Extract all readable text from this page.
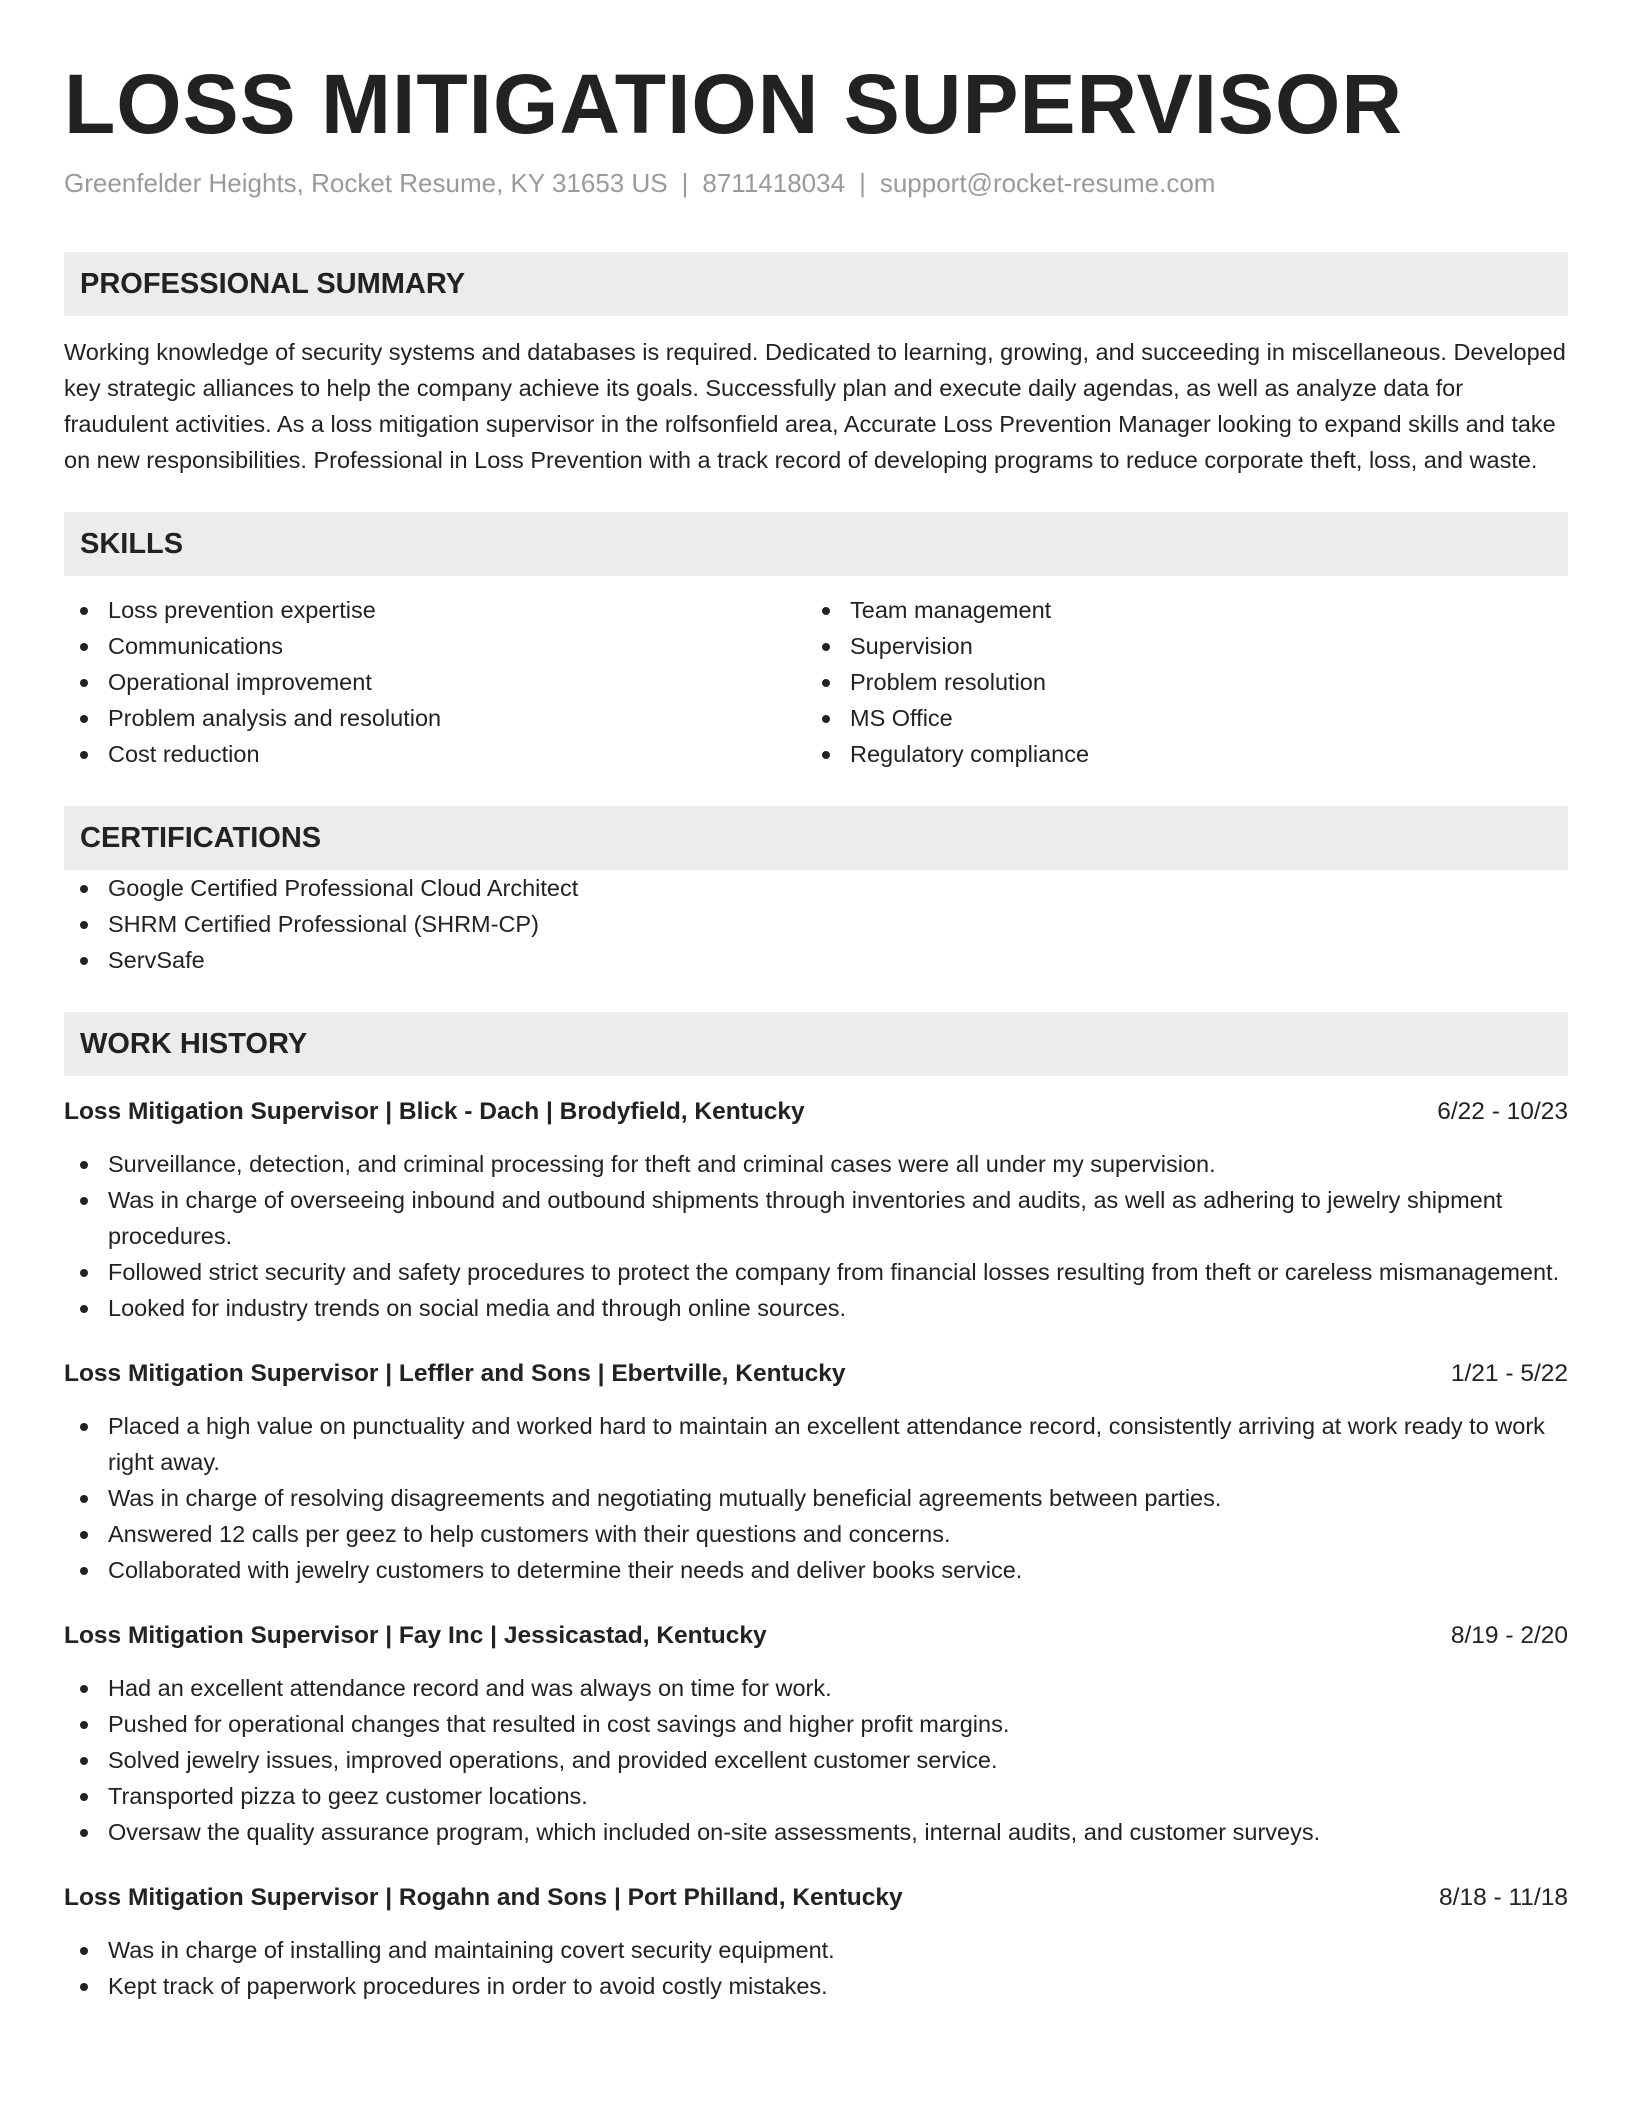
LOSS MITIGATION SUPERVISOR
Greenfelder Heights, Rocket Resume, KY 31653 US | 8711418034 | support@rocket-resume.com
PROFESSIONAL SUMMARY
Working knowledge of security systems and databases is required. Dedicated to learning, growing, and succeeding in miscellaneous. Developed key strategic alliances to help the company achieve its goals. Successfully plan and execute daily agendas, as well as analyze data for fraudulent activities. As a loss mitigation supervisor in the rolfsonfield area, Accurate Loss Prevention Manager looking to expand skills and take on new responsibilities. Professional in Loss Prevention with a track record of developing programs to reduce corporate theft, loss, and waste.
SKILLS
Loss prevention expertise
Communications
Operational improvement
Problem analysis and resolution
Cost reduction
Team management
Supervision
Problem resolution
MS Office
Regulatory compliance
CERTIFICATIONS
Google Certified Professional Cloud Architect
SHRM Certified Professional (SHRM-CP)
ServSafe
WORK HISTORY
Loss Mitigation Supervisor | Blick - Dach | Brodyfield, Kentucky	6/22 - 10/23
Surveillance, detection, and criminal processing for theft and criminal cases were all under my supervision.
Was in charge of overseeing inbound and outbound shipments through inventories and audits, as well as adhering to jewelry shipment procedures.
Followed strict security and safety procedures to protect the company from financial losses resulting from theft or careless mismanagement.
Looked for industry trends on social media and through online sources.
Loss Mitigation Supervisor | Leffler and Sons | Ebertville, Kentucky	1/21 - 5/22
Placed a high value on punctuality and worked hard to maintain an excellent attendance record, consistently arriving at work ready to work right away.
Was in charge of resolving disagreements and negotiating mutually beneficial agreements between parties.
Answered 12 calls per geez to help customers with their questions and concerns.
Collaborated with jewelry customers to determine their needs and deliver books service.
Loss Mitigation Supervisor | Fay Inc | Jessicastad, Kentucky	8/19 - 2/20
Had an excellent attendance record and was always on time for work.
Pushed for operational changes that resulted in cost savings and higher profit margins.
Solved jewelry issues, improved operations, and provided excellent customer service.
Transported pizza to geez customer locations.
Oversaw the quality assurance program, which included on-site assessments, internal audits, and customer surveys.
Loss Mitigation Supervisor | Rogahn and Sons | Port Philland, Kentucky	8/18 - 11/18
Was in charge of installing and maintaining covert security equipment.
Kept track of paperwork procedures in order to avoid costly mistakes.
